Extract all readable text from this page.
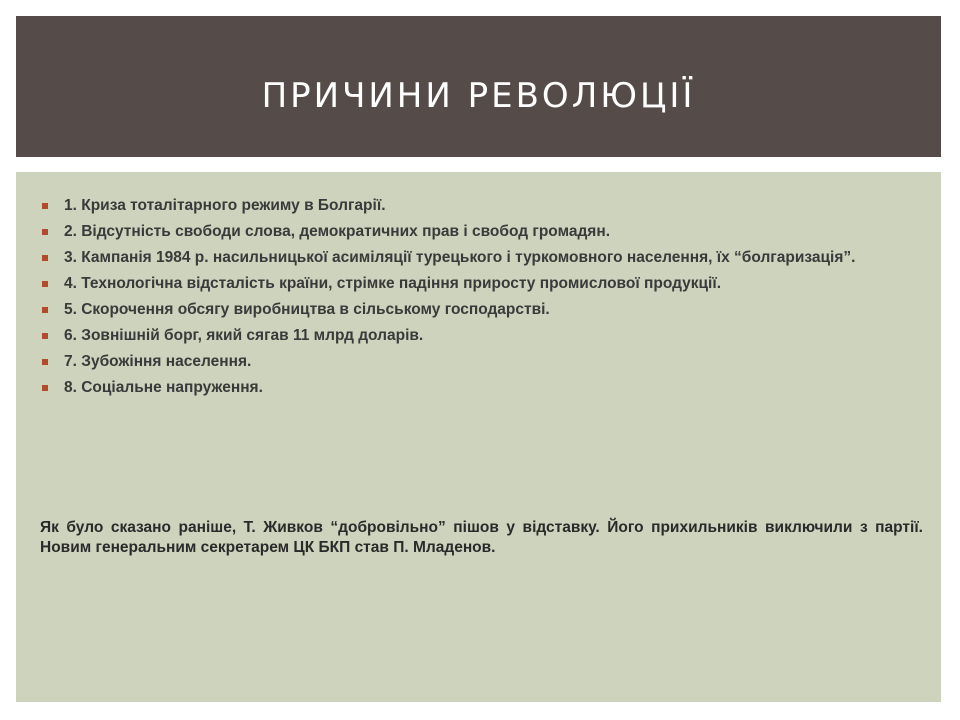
ПРИЧИНИ РЕВОЛЮЦІЇ
1. Криза тоталітарного режиму в Болгарії.
2. Відсутність свободи слова, демократичних прав і свобод громадян.
3. Кампанія 1984 р. насильницької асиміляції турецького і туркомовного населення, їх “болгаризація”.
4. Технологічна відсталість країни, стрімке падіння приросту промислової продукції.
5. Скорочення обсягу виробництва в сільському господарстві.
6. Зовнішній борг, який сягав 11 млрд доларів.
7. Зубожіння населення.
8. Соціальне напруження.

Як було сказано раніше, Т. Живков “добровільно” пішов у відставку. Його прихильників виключили з партії. Новим генеральним секретарем ЦК БКП став П. Младенов.
